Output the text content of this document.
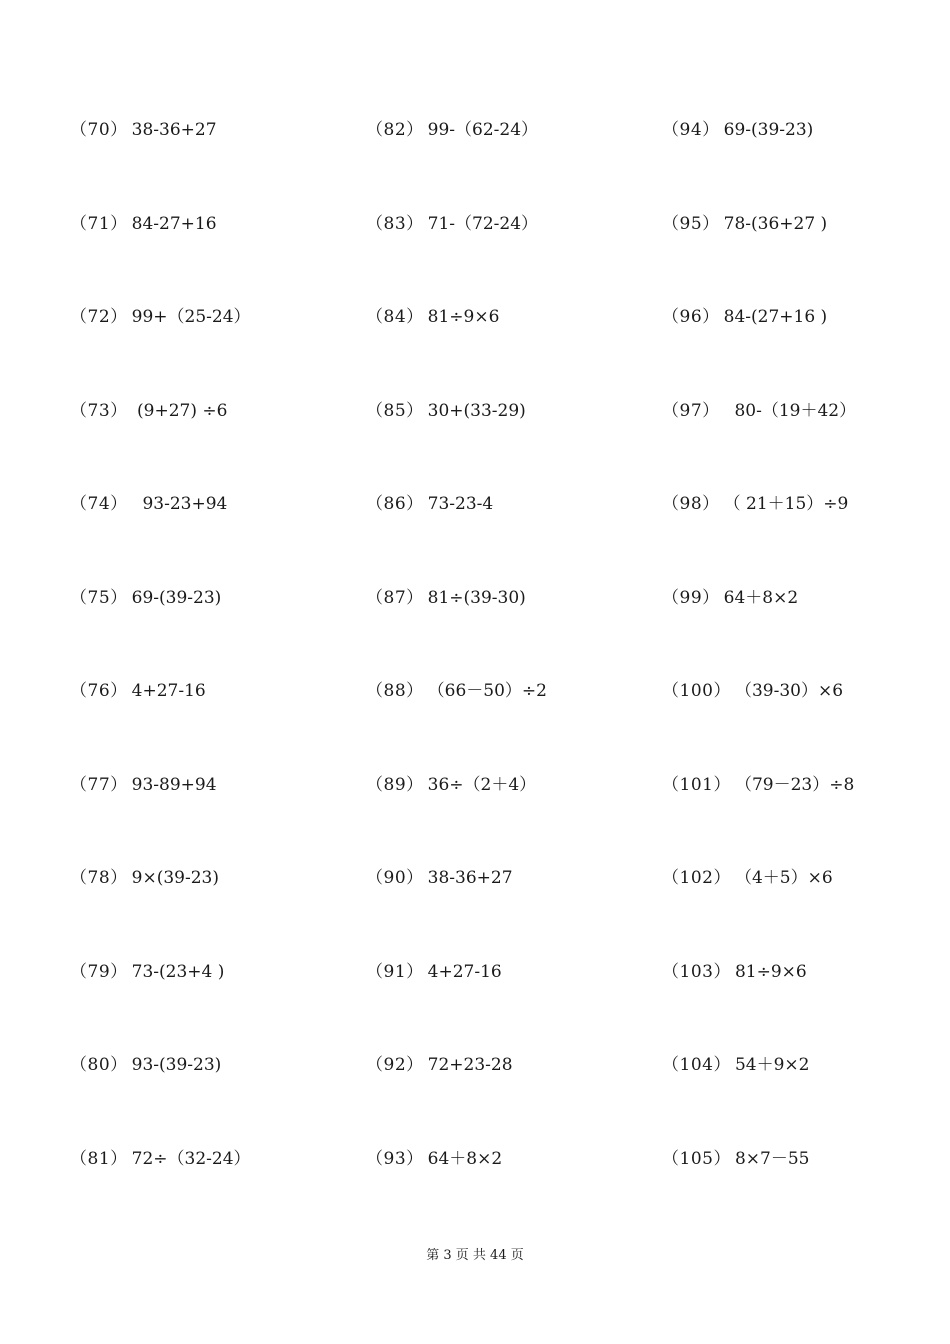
（70） 38-36+27
（71） 84-27+16
（72） 99+（25-24）
（73） (9+27) ÷6
（74） 93-23+94
（75） 69-(39-23)
（76） 4+27-16
（77） 93-89+94
（78） 9×(39-23)
（79） 73-(23+4 )
（80） 93-(39-23)
（81） 72÷（32-24）
（82） 99-（62-24）
（83） 71-（72-24）
（84） 81÷9×6
（85） 30+(33-29)
（86） 73-23-4
（87） 81÷(39-30)
（88） （66－50）÷2
（89） 36÷（2＋4）
（90） 38-36+27
（91） 4+27-16
（92） 72+23-28
（93） 64＋8×2
（94） 69-(39-23)
（95） 78-(36+27 )
（96） 84-(27+16 )
（97） 80-（19＋42）
（98） （ 21＋15）÷9
（99） 64＋8×2
（100） （39-30）×6
（101） （79－23）÷8
（102） （4＋5）×6
（103） 81÷9×6
（104） 54＋9×2
（105） 8×7－55
第 3 页 共 44 页
